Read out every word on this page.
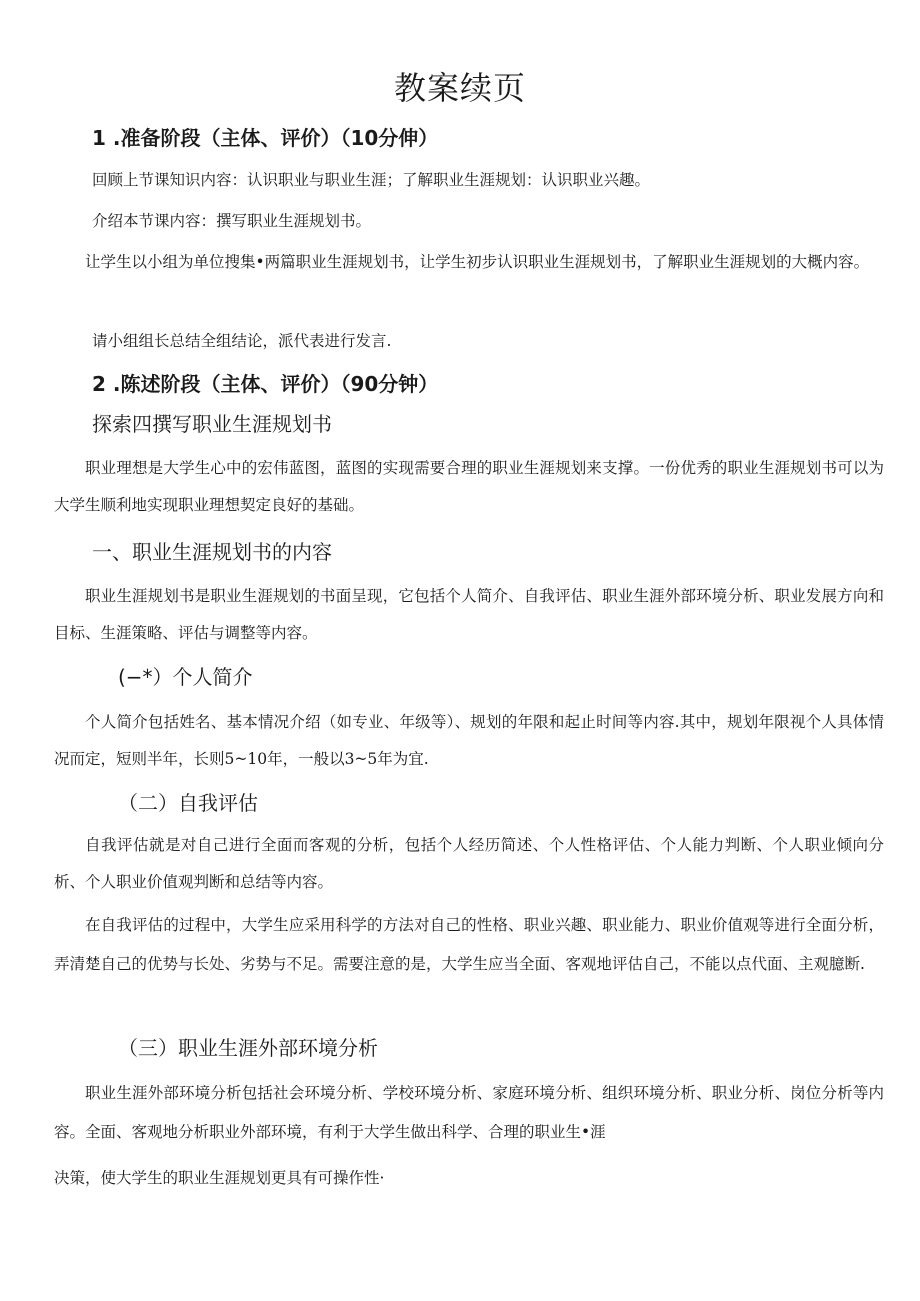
教案续页
1 .准备阶段（主体、评价）（10分伸）
回顾上节课知识内容：认识职业与职业生涯；了解职业生涯规划：认识职业兴趣。
介绍本节课内容：撰写职业生涯规划书。
让学生以小组为单位搜集•两篇职业生涯规划书，让学生初步认识职业生涯规划书，了解职业生涯规划的大概内容。
请小组组长总结全组结论，派代表进行发言.
2 .陈述阶段（主体、评价）（90分钟）
探索四撰写职业生涯规划书
职业理想是大学生心中的宏伟蓝图，蓝图的实现需要合理的职业生涯规划来支撑。一份优秀的职业生涯规划书可以为大学生顺利地实现职业理想契定良好的基础。
一、职业生涯规划书的内容
职业生涯规划书是职业生涯规划的书面呈现，它包括个人简介、自我评估、职业生涯外部环境分析、职业发展方向和目标、生涯策略、评估与调整等内容。
(−*）个人简介
个人简介包括姓名、基本情况介绍（如专业、年级等）、规划的年限和起止时间等内容.其中，规划年限视个人具体情况而定，短则半年，长则5~10年，一般以3~5年为宜.
（二）自我评估
自我评估就是对自己进行全面而客观的分析，包括个人经历简述、个人性格评估、个人能力判断、个人职业倾向分析、个人职业价值观判断和总结等内容。
在自我评估的过程中，大学生应采用科学的方法对自己的性格、职业兴趣、职业能力、职业价值观等进行全面分析，弄清楚自己的优势与长处、劣势与不足。需要注意的是，大学生应当全面、客观地评估自己，不能以点代面、主观臆断.
（三）职业生涯外部环境分析
职业生涯外部环境分析包括社会环境分析、学校环境分析、家庭环境分析、组织环境分析、职业分析、岗位分析等内容。全面、客观地分析职业外部环境，有利于大学生做出科学、合理的职业生•涯
决策，使大学生的职业生涯规划更具有可操作性·
